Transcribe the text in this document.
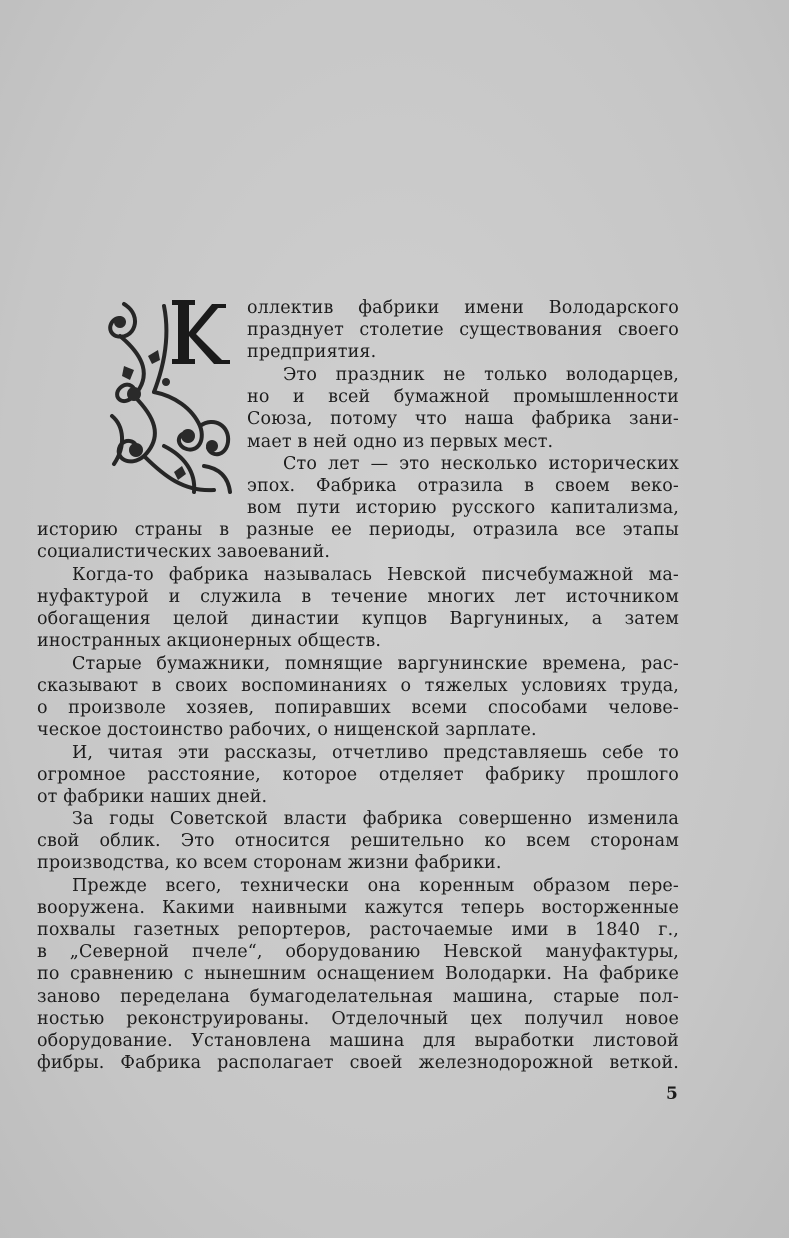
оллектив фабрики имени Володарского

празднует столетие существования своего

предприятия.

Это праздник не только володарцев,

но и всей бумажной промышленности

Союза, потому что наша фабрика зани-

мает в ней одно из первых мест.

Сто лет — это несколько исторических

эпох. Фабрика отразила в своем веко-

вом пути историю русского капитализма,

историю страны в разные ее периоды, отразила все этапы

социалистических завоеваний.

Когда-то фабрика называлась Невской писчебумажной ма-

нуфактурой и служила в течение многих лет источником

обогащения целой династии купцов Варгуниных, а затем

иностранных акционерных обществ.

Старые бумажники, помнящие варгунинские времена, рас-

сказывают в своих воспоминаниях о тяжелых условиях труда,

о произволе хозяев, попиравших всеми способами челове-

ческое достоинство рабочих, о нищенской зарплате.

И, читая эти рассказы, отчетливо представляешь себе то

огромное расстояние, которое отделяет фабрику прошлого

от фабрики наших дней.

За годы Советской власти фабрика совершенно изменила

свой облик. Это относится решительно ко всем сторонам

производства, ко всем сторонам жизни фабрики.

Прежде всего, технически она коренным образом пере-

вооружена. Какими наивными кажутся теперь восторженные

похвалы газетных репортеров, расточаемые ими в 1840 г.,

в „Северной пчеле“, оборудованию Невской мануфактуры,

по сравнению с нынешним оснащением Володарки. На фабрике

заново переделана бумагоделательная машина, старые пол-

ностью реконструированы. Отделочный цех получил новое

оборудование. Установлена машина для выработки листовой

фибры. Фабрика располагает своей железнодорожной веткой.

5
